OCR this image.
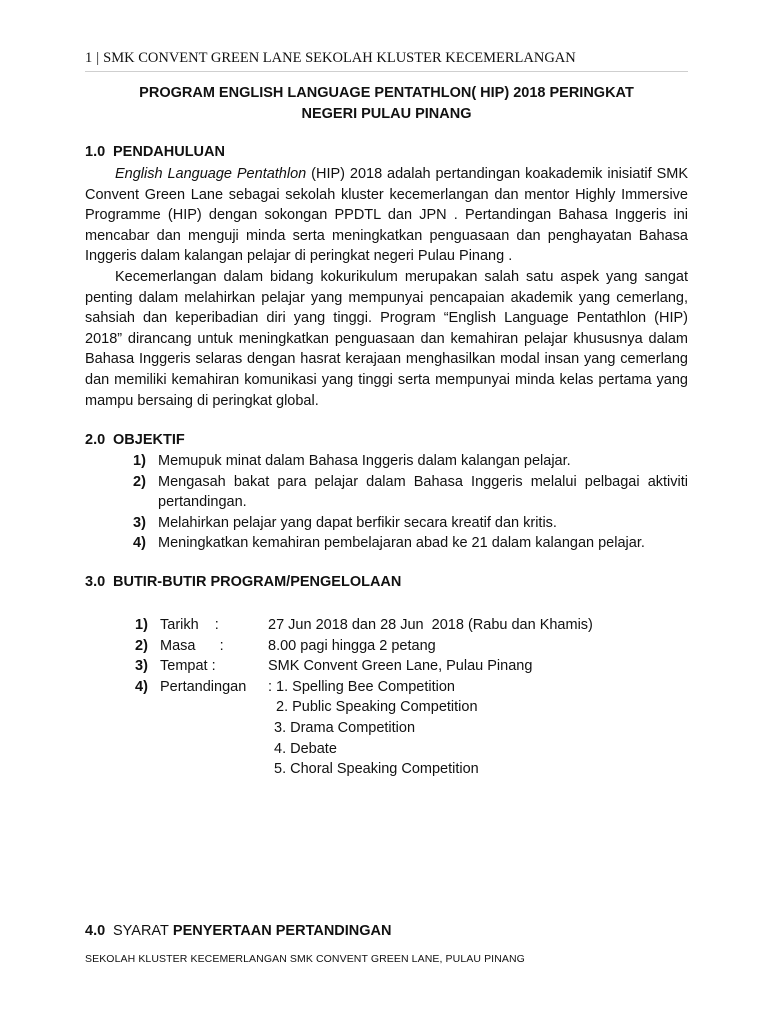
1 | SMK CONVENT GREEN LANE SEKOLAH KLUSTER KECEMERLANGAN
PROGRAM ENGLISH LANGUAGE PENTATHLON( HIP) 2018 PERINGKAT
NEGERI PULAU PINANG
1.0 PENDAHULUAN

English Language Pentathlon (HIP) 2018 adalah pertandingan koakademik inisiatif SMK Convent Green Lane sebagai sekolah kluster kecemerlangan dan mentor Highly Immersive Programme (HIP) dengan sokongan PPDTL dan JPN . Pertandingan Bahasa Inggeris ini mencabar dan menguji minda serta meningkatkan penguasaan dan penghayatan Bahasa Inggeris dalam kalangan pelajar di peringkat negeri Pulau Pinang .

Kecemerlangan dalam bidang kokurikulum merupakan salah satu aspek yang sangat penting dalam melahirkan pelajar yang mempunyai pencapaian akademik yang cemerlang, sahsiah dan keperibadian diri yang tinggi. Program “English Language Pentathlon (HIP) 2018” dirancang untuk meningkatkan penguasaan dan kemahiran pelajar khususnya dalam Bahasa Inggeris selaras dengan hasrat kerajaan menghasilkan modal insan yang cemerlang dan memiliki kemahiran komunikasi yang tinggi serta mempunyai minda kelas pertama yang mampu bersaing di peringkat global.

2.0 OBJEKTIF
1) Memupuk minat dalam Bahasa Inggeris dalam kalangan pelajar.
2) Mengasah bakat para pelajar dalam Bahasa Inggeris melalui pelbagai aktiviti pertandingan.
3) Melahirkan pelajar yang dapat berfikir secara kreatif dan kritis.
4) Meningkatkan kemahiran pembelajaran abad ke 21 dalam kalangan pelajar.
3.0 BUTIR-BUTIR PROGRAM/PENGELOLAAN
1) Tarikh    :	27 Jun 2018 dan 28 Jun  2018 (Rabu dan Khamis)
2) Masa      :	8.00 pagi hingga 2 petang
3) Tempat :	SMK Convent Green Lane, Pulau Pinang
4) Pertandingan	: 1. Spelling Bee Competition
2. Public Speaking Competition
3. Drama Competition
4. Debate
5. Choral Speaking Competition
4.0 SYARAT PENYERTAAN PERTANDINGAN
SEKOLAH KLUSTER KECEMERLANGAN SMK CONVENT GREEN LANE, PULAU PINANG
